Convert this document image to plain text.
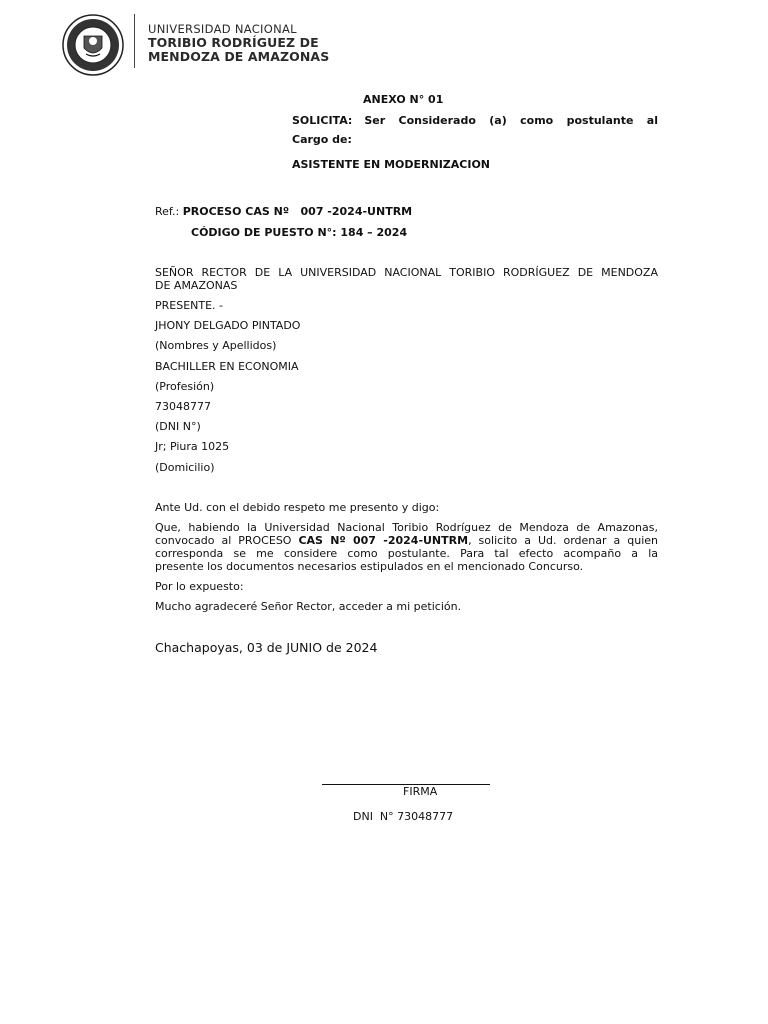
UNIVERSIDAD NACIONAL
TORIBIO RODRÍGUEZ DE
MENDOZA DE AMAZONAS
ANEXO N° 01
SOLICITA: Ser Considerado (a) como postulante al
Cargo de:
ASISTENTE EN MODERNIZACION
Ref.: PROCESO CAS Nº   007 -2024-UNTRM
CÓDIGO DE PUESTO N°: 184 – 2024
SEÑOR RECTOR DE LA UNIVERSIDAD NACIONAL TORIBIO RODRÍGUEZ DE MENDOZA
DE AMAZONAS
PRESENTE. -
JHONY DELGADO PINTADO
(Nombres y Apellidos)
BACHILLER EN ECONOMIA
(Profesión)
73048777
(DNI N°)
Jr; Piura 1025
(Domicilio)
Ante Ud. con el debido respeto me presento y digo:
Que, habiendo la Universidad Nacional Toribio Rodríguez de Mendoza de Amazonas,
convocado al PROCESO CAS Nº 007 -2024-UNTRM, solicito a Ud. ordenar a quien
corresponda se me considere como postulante. Para tal efecto acompaño a la
presente los documentos necesarios estipulados en el mencionado Concurso.
Por lo expuesto:
Mucho agradeceré Señor Rector, acceder a mi petición.
Chachapoyas, 03 de JUNIO de 2024
FIRMA
DNI  N° 73048777
